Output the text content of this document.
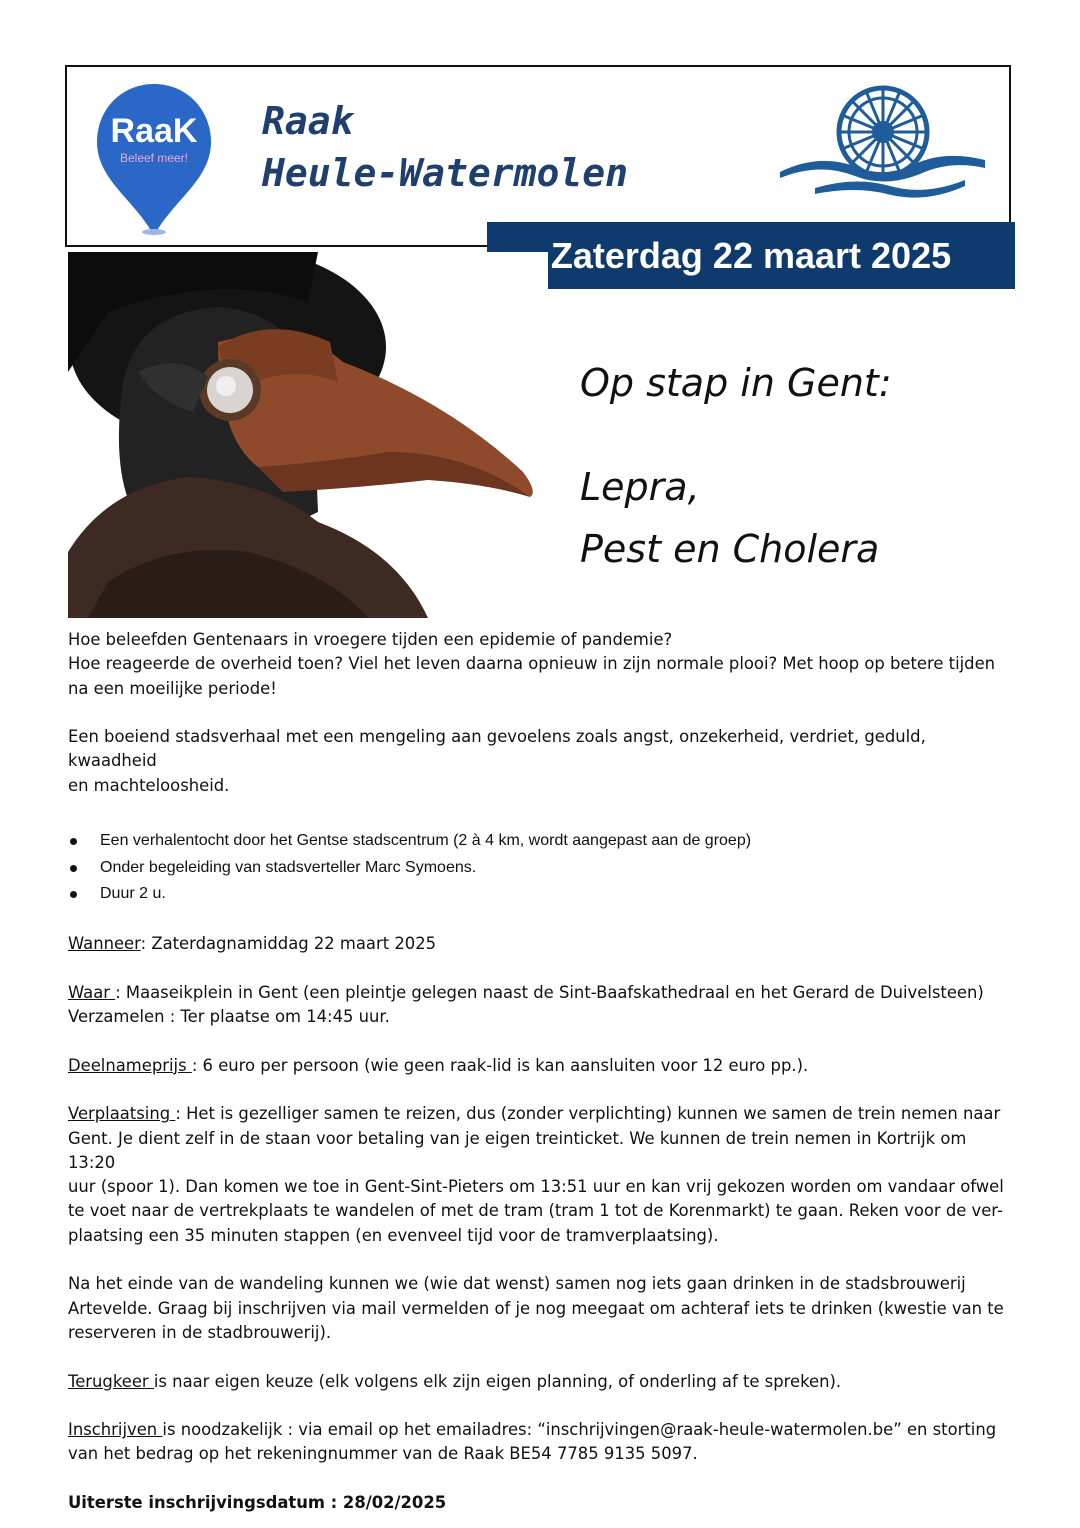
RaaK
Beleef meer!
Raak
Heule-Watermolen
Zaterdag 22 maart 2025
Op stap in Gent:
Lepra,
Pest en Cholera

Hoe beleefden Gentenaars in vroegere tijden een epidemie of pandemie?

Hoe reageerde de overheid toen? Viel het leven daarna opnieuw in zijn normale plooi? Met hoop op betere tijden

na een moeilijke periode!

Een boeiend stadsverhaal met een mengeling aan gevoelens zoals angst, onzekerheid, verdriet, geduld, kwaadheid

en machteloosheid.

Een verhalentocht door het Gentse stadscentrum (2 à 4 km, wordt aangepast aan de groep)
Onder begeleiding van stadsverteller Marc Symoens.
Duur 2 u.

Wanneer: Zaterdagnamiddag 22 maart 2025

Waar : Maaseikplein in Gent (een pleintje gelegen naast de Sint-Baafskathedraal en het Gerard de Duivelsteen)

Verzamelen : Ter plaatse om 14:45 uur.

Deelnameprijs : 6 euro per persoon (wie geen raak-lid is kan aansluiten voor 12 euro pp.).

Verplaatsing : Het is gezelliger samen te reizen, dus (zonder verplichting) kunnen we samen de trein nemen naar

Gent. Je dient zelf in de staan voor betaling van je eigen treinticket. We kunnen de trein nemen in Kortrijk om 13:20

uur (spoor 1). Dan komen we toe in Gent-Sint-Pieters om 13:51 uur en kan vrij gekozen worden om vandaar ofwel

te voet naar de vertrekplaats te wandelen of met de tram (tram 1 tot de Korenmarkt) te gaan. Reken voor de ver-

plaatsing een 35 minuten stappen (en evenveel tijd voor de tramverplaatsing).

Na het einde van de wandeling kunnen we (wie dat wenst) samen nog iets gaan drinken in de stadsbrouwerij

Artevelde. Graag bij inschrijven via mail vermelden of je nog meegaat om achteraf iets te drinken (kwestie van te

reserveren in de stadbrouwerij).

Terugkeer is naar eigen keuze (elk volgens elk zijn eigen planning, of onderling af te spreken).

Inschrijven is noodzakelijk : via email op het emailadres: “inschrijvingen@raak-heule-watermolen.be” en storting

van het bedrag op het rekeningnummer van de Raak BE54 7785 9135 5097.

Uiterste inschrijvingsdatum : 28/02/2025
